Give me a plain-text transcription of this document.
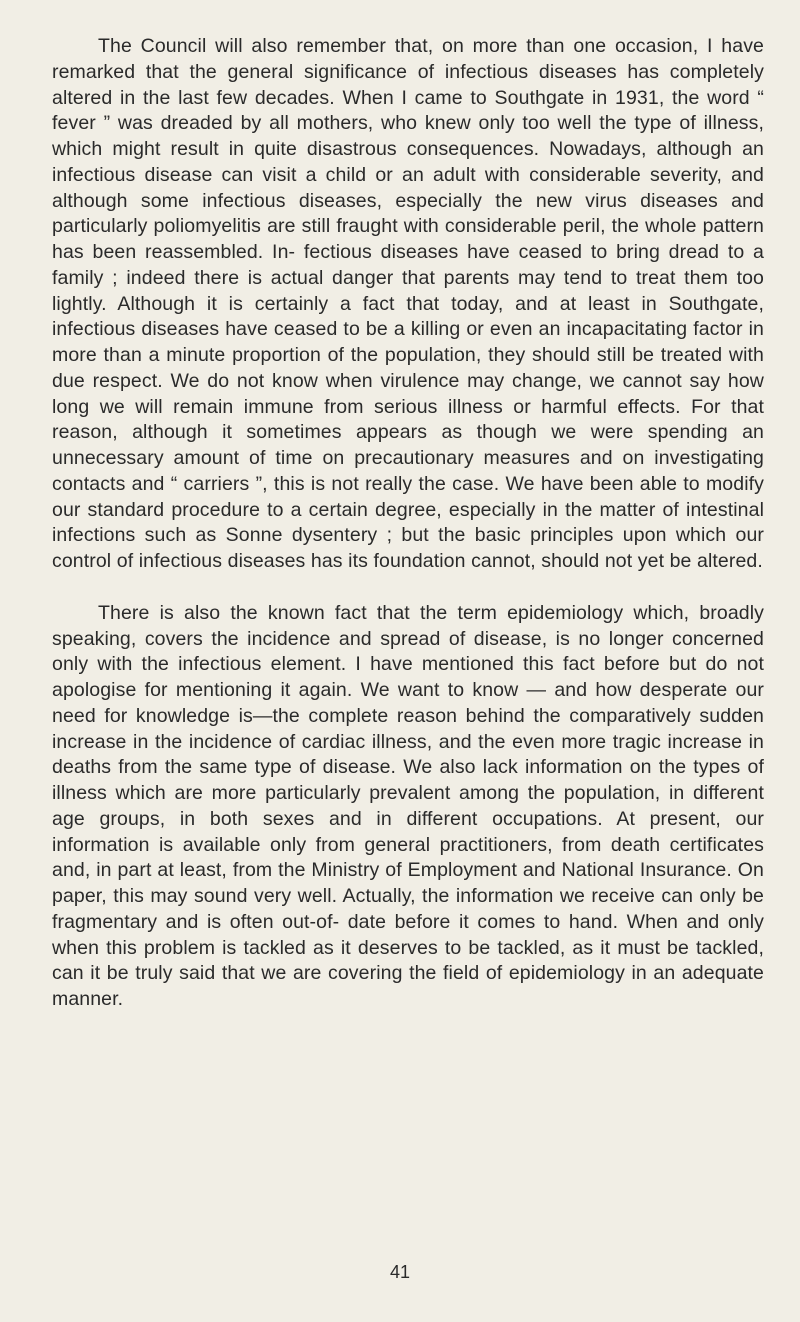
The Council will also remember that, on more than one occasion, I have remarked that the general significance of infectious diseases has completely altered in the last few decades. When I came to Southgate in 1931, the word “ fever ” was dreaded by all mothers, who knew only too well the type of illness, which might result in quite disastrous consequences. Nowadays, although an infectious disease can visit a child or an adult with considerable severity, and although some infectious diseases, especially the new virus diseases and particularly poliomyelitis are still fraught with considerable peril, the whole pattern has been reassembled. In‑ fectious diseases have ceased to bring dread to a family ; indeed there is actual danger that parents may tend to treat them too lightly. Although it is certainly a fact that today, and at least in Southgate, infectious diseases have ceased to be a killing or even an incapacitating factor in more than a minute proportion of the population, they should still be treated with due respect. We do not know when virulence may change, we cannot say how long we will remain immune from serious illness or harmful effects. For that reason, although it sometimes appears as though we were spending an unnecessary amount of time on precautionary measures and on investigating contacts and “ carriers ”, this is not really the case. We have been able to modify our standard procedure to a certain degree, especially in the matter of intestinal infections such as Sonne dysentery ; but the basic principles upon which our control of infectious diseases has its foundation cannot, should not yet be altered.

There is also the known fact that the term epidemiology which, broadly speaking, covers the incidence and spread of disease, is no longer concerned only with the infectious element. I have mentioned this fact before but do not apologise for mentioning it again. We want to know — and how desperate our need for knowledge is—the complete reason behind the comparatively sudden increase in the incidence of cardiac illness, and the even more tragic increase in deaths from the same type of disease. We also lack information on the types of illness which are more particularly prevalent among the population, in different age groups, in both sexes and in different occupations. At present, our information is available only from general practitioners, from death certificates and, in part at least, from the Ministry of Employment and National Insurance. On paper, this may sound very well. Actually, the information we receive can only be fragmentary and is often out‑of‑ date before it comes to hand. When and only when this problem is tackled as it deserves to be tackled, as it must be tackled, can it be truly said that we are covering the field of epidemiology in an adequate manner.

41
